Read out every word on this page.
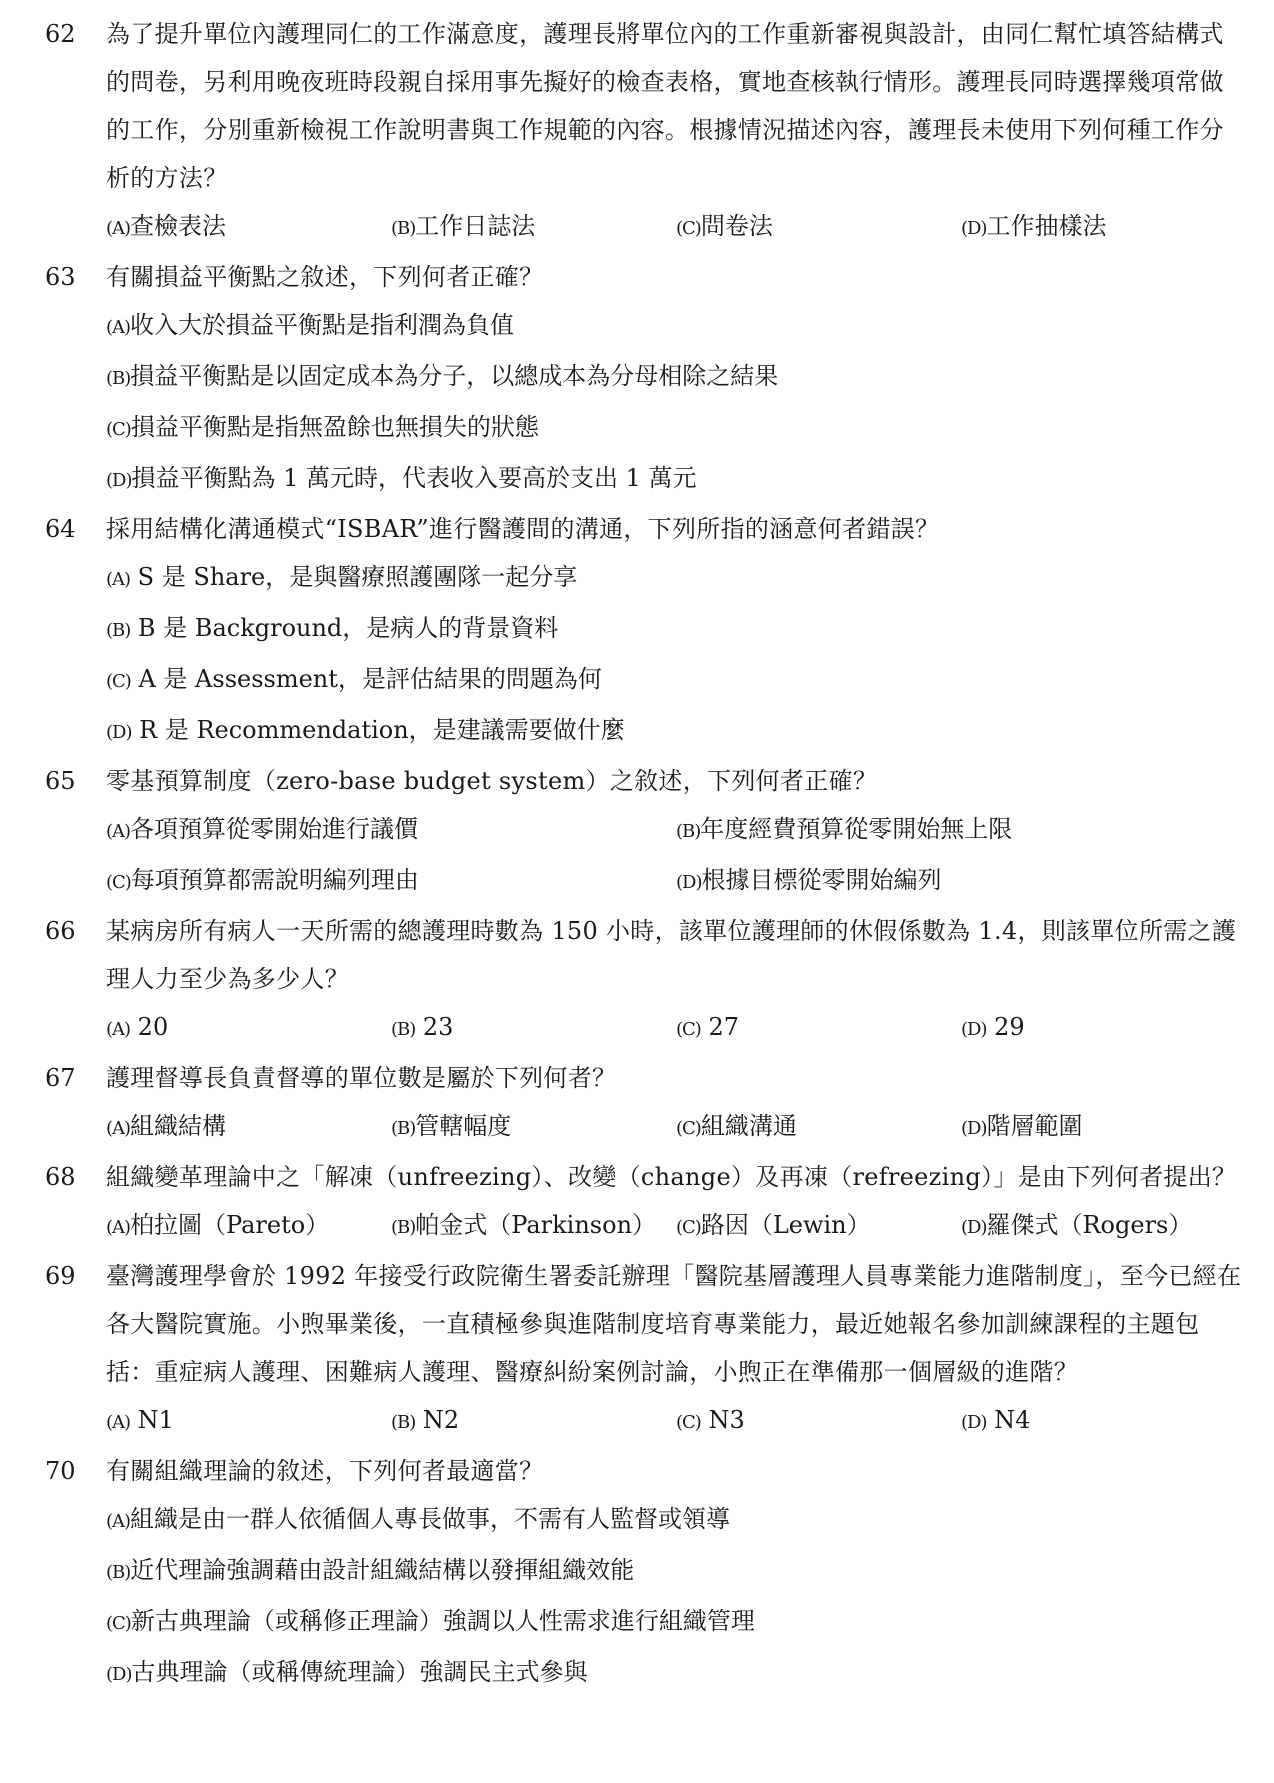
62	為了提升單位內護理同仁的工作滿意度，護理長將單位內的工作重新審視與設計，由同仁幫忙填答結構式的問卷，另利用晚夜班時段親自採用事先擬好的檢查表格，實地查核執行情形。護理長同時選擇幾項常做的工作，分別重新檢視工作說明書與工作規範的內容。根據情況描述內容，護理長未使用下列何種工作分析的方法？
(A)查檢表法	(B)工作日誌法	(C)問卷法	(D)工作抽樣法
63	有關損益平衡點之敘述，下列何者正確？
(A)收入大於損益平衡點是指利潤為負值
(B)損益平衡點是以固定成本為分子，以總成本為分母相除之結果
(C)損益平衡點是指無盈餘也無損失的狀態
(D)損益平衡點為 1 萬元時，代表收入要高於支出 1 萬元
64	採用結構化溝通模式“ISBAR”進行醫護間的溝通，下列所指的涵意何者錯誤？
(A) S 是 Share，是與醫療照護團隊一起分享
(B) B 是 Background，是病人的背景資料
(C) A 是 Assessment，是評估結果的問題為何
(D) R 是 Recommendation，是建議需要做什麼
65	零基預算制度（zero-base budget system）之敘述，下列何者正確？
(A)各項預算從零開始進行議價	(B)年度經費預算從零開始無上限
(C)每項預算都需說明編列理由	(D)根據目標從零開始編列
66	某病房所有病人一天所需的總護理時數為 150 小時，該單位護理師的休假係數為 1.4，則該單位所需之護理人力至少為多少人？
(A) 20	(B) 23	(C) 27	(D) 29
67	護理督導長負責督導的單位數是屬於下列何者？
(A)組織結構	(B)管轄幅度	(C)組織溝通	(D)階層範圍
68	組織變革理論中之「解凍（unfreezing）、改變（change）及再凍（refreezing）」是由下列何者提出？
(A)柏拉圖（Pareto）	(B)帕金式（Parkinson）	(C)路因（Lewin）	(D)羅傑式（Rogers）
69	臺灣護理學會於 1992 年接受行政院衛生署委託辦理「醫院基層護理人員專業能力進階制度」，至今已經在各大醫院實施。小煦畢業後，一直積極參與進階制度培育專業能力，最近她報名參加訓練課程的主題包括：重症病人護理、困難病人護理、醫療糾紛案例討論，小煦正在準備那一個層級的進階？
(A) N1	(B) N2	(C) N3	(D) N4
70	有關組織理論的敘述，下列何者最適當？
(A)組織是由一群人依循個人專長做事，不需有人監督或領導
(B)近代理論強調藉由設計組織結構以發揮組織效能
(C)新古典理論（或稱修正理論）強調以人性需求進行組織管理
(D)古典理論（或稱傳統理論）強調民主式參與
